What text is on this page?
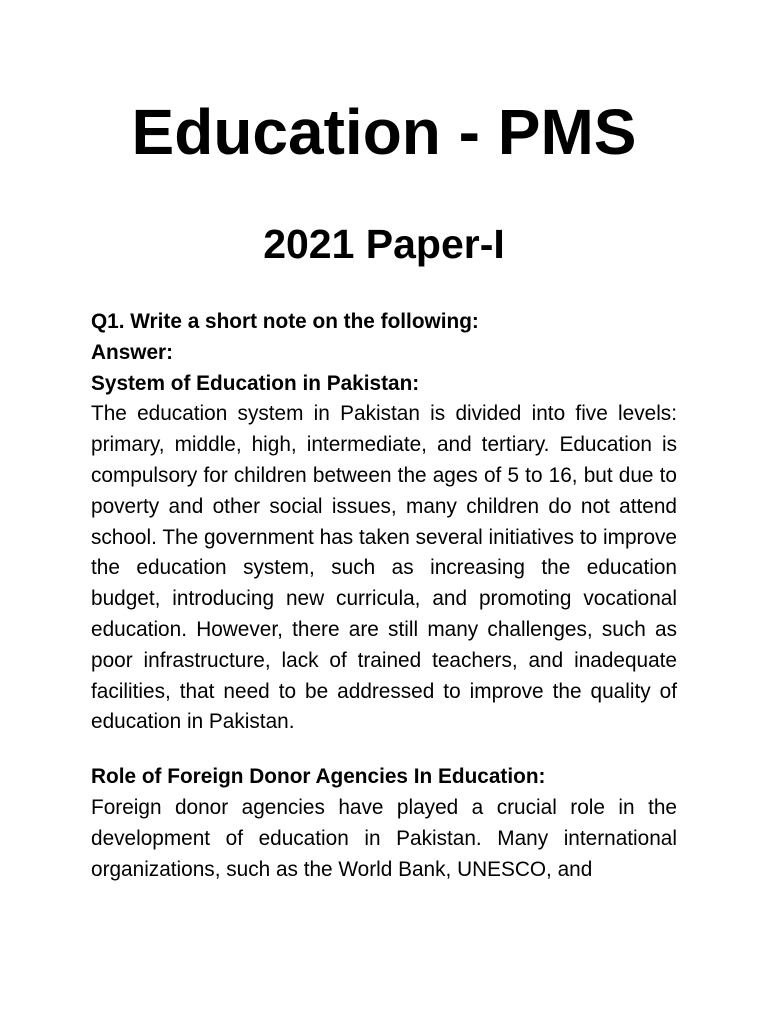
Education - PMS
2021 Paper-I

Q1. Write a short note on the following:

Answer:

System of Education in Pakistan:

The education system in Pakistan is divided into five levels: primary, middle, high, intermediate, and tertiary. Education is compulsory for children between the ages of 5 to 16, but due to poverty and other social issues, many children do not attend school. The government has taken several initiatives to improve the education system, such as increasing the education budget, introducing new curricula, and promoting vocational education. However, there are still many challenges, such as poor infrastructure, lack of trained teachers, and inadequate facilities, that need to be addressed to improve the quality of education in Pakistan.

Role of Foreign Donor Agencies In Education:

Foreign donor agencies have played a crucial role in the development of education in Pakistan. Many international organizations, such as the World Bank, UNESCO, and
